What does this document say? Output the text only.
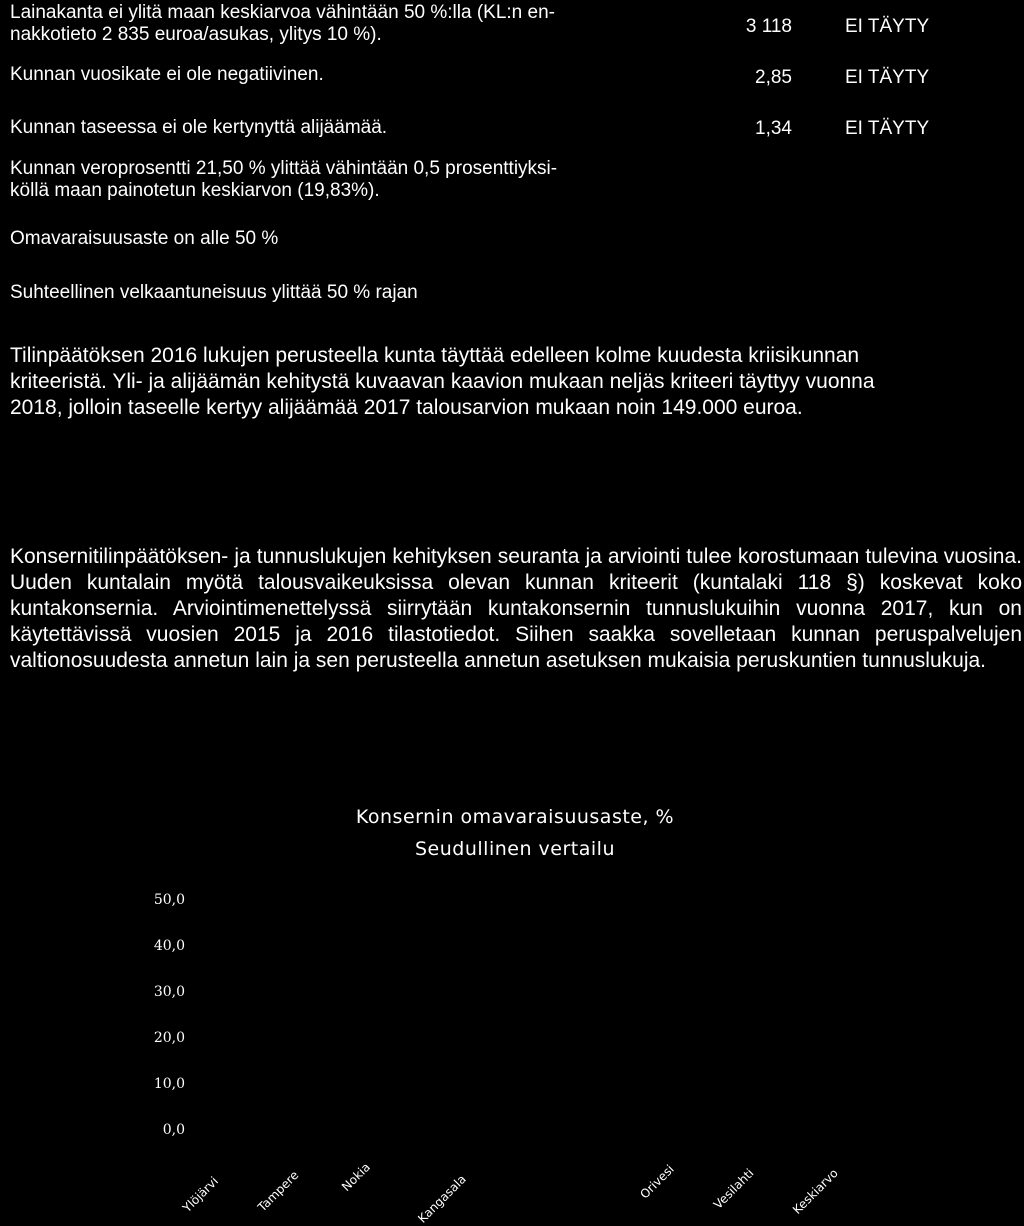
Lainakanta ei ylitä maan keskiarvoa vähintään 50 %:lla (KL:n en-
nakkotieto 2 835 euroa/asukas, ylitys 10 %).	3 118	EI TÄYTY
Kunnan vuosikate ei ole negatiivinen.	2,85	EI TÄYTY
Kunnan taseessa ei ole kertynyttä alijäämää.	1,34	EI TÄYTY
Kunnan veroprosentti 21,50 % ylittää vähintään 0,5 prosenttiyksi-
köllä maan painotetun keskiarvon (19,83%).
Omavaraisuusaste on alle 50 %
Suhteellinen velkaantuneisuus ylittää 50 % rajan
Tilinpäätöksen 2016 lukujen perusteella kunta täyttää edelleen kolme kuudesta kriisikunnan kriteeristä. Yli- ja alijäämän kehitystä kuvaavan kaavion mukaan neljäs kriteeri täyttyy vuonna 2018, jolloin taseelle kertyy alijäämää 2017 talousarvion mukaan noin 149.000 euroa.
Konsernitilinpäätöksen- ja tunnuslukujen kehityksen seuranta ja arviointi tulee korostumaan tulevina vuosina. Uuden kuntalain myötä talousvaikeuksissa olevan kunnan kriteerit (kuntalaki 118 §) koskevat koko kuntakonsernia. Arviointimenettelyssä siirrytään kuntakonsernin tunnuslukuihin vuonna 2017, kun on käytettävissä vuosien 2015 ja 2016 tilastotiedot. Siihen saakka sovelletaan kunnan peruspalvelujen valtionosuudesta annetun lain ja sen perusteella annetun asetuksen mukaisia peruskuntien tunnuslukuja.
Konsernin omavaraisuusaste, %
Seudullinen vertailu
50,0
40,0
30,0
20,0
10,0
0,0
Ylöjärvi	Tampere	Nokia	Kangasala	Orivesi	Vesilahti	Keskiarvo
